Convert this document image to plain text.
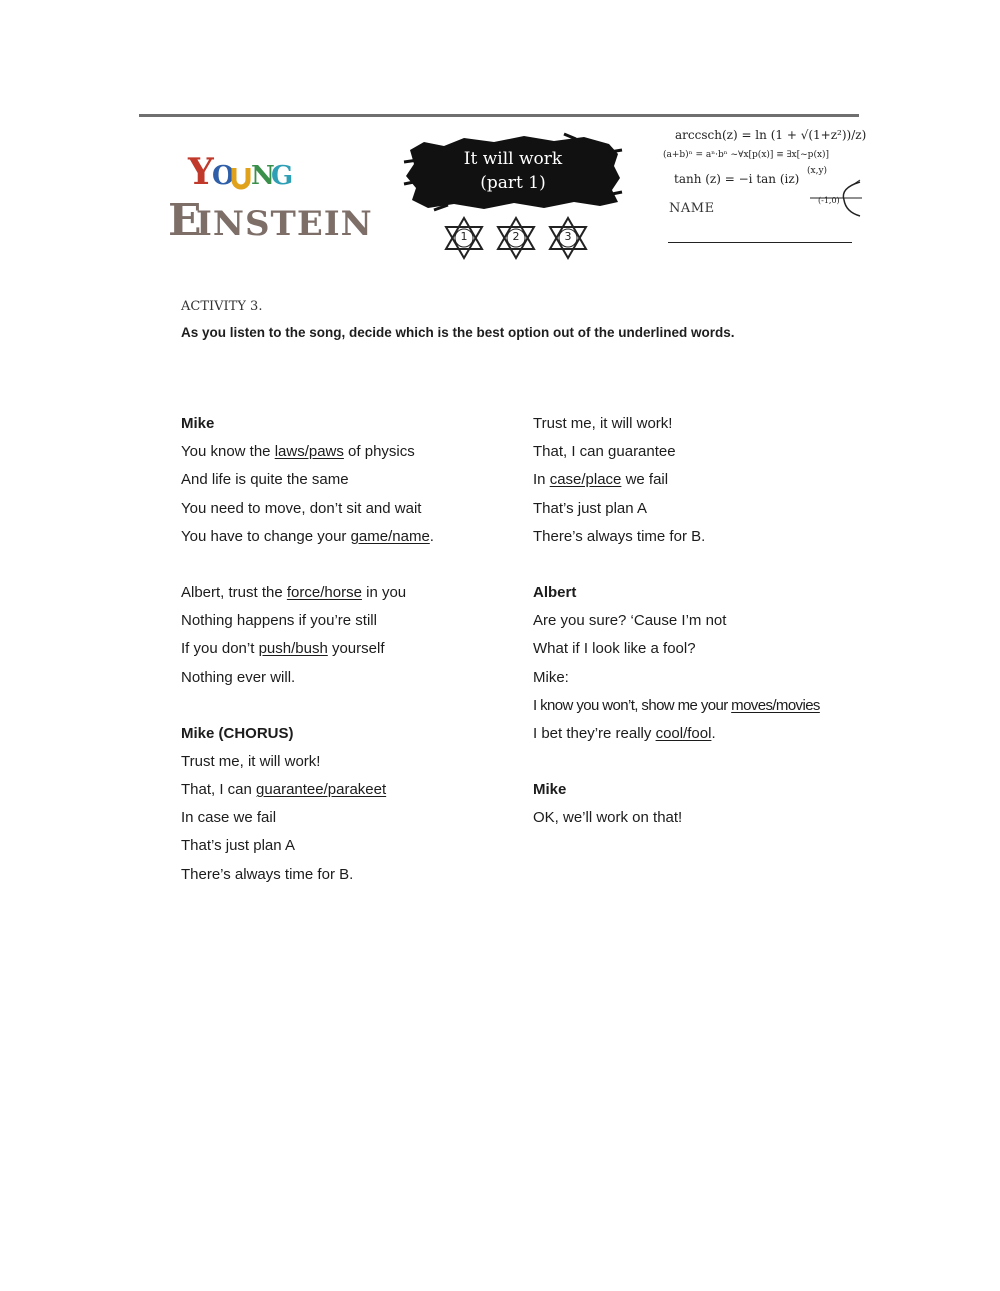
Y
O N
G
E
INSTEIN
It will work
(part 1)
1	2	3
arccsch(z) = ln (1 + √(1+z²))/z)
(a+b)ⁿ = aⁿ·bⁿ ~∀x[p(x)] ≡ ∃x[~p(x)]
tanh (z) = −i tan (iz)
(x,y)
(-1,0)
NAME
ACTIVITY 3.
As you listen to the song, decide which is the best option out of the underlined words.
Mike
You know the laws/paws of physics
And life is quite the same
You need to move, don’t sit and wait
You have to change your game/name.
Albert, trust the force/horse in you
Nothing happens if you’re still
If you don’t push/bush yourself
Nothing ever will.
Mike (CHORUS)
Trust me, it will work!
That, I can guarantee/parakeet
In case we fail
That’s just plan A
There’s always time for B.
Trust me, it will work!
That, I can guarantee
In case/place we fail
That’s just plan A
There’s always time for B.
Albert
Are you sure? ‘Cause I’m not
What if I look like a fool?
Mike:
I know you won’t, show me your moves/movies
I bet they’re really cool/fool.
Mike
OK, we’ll work on that!
